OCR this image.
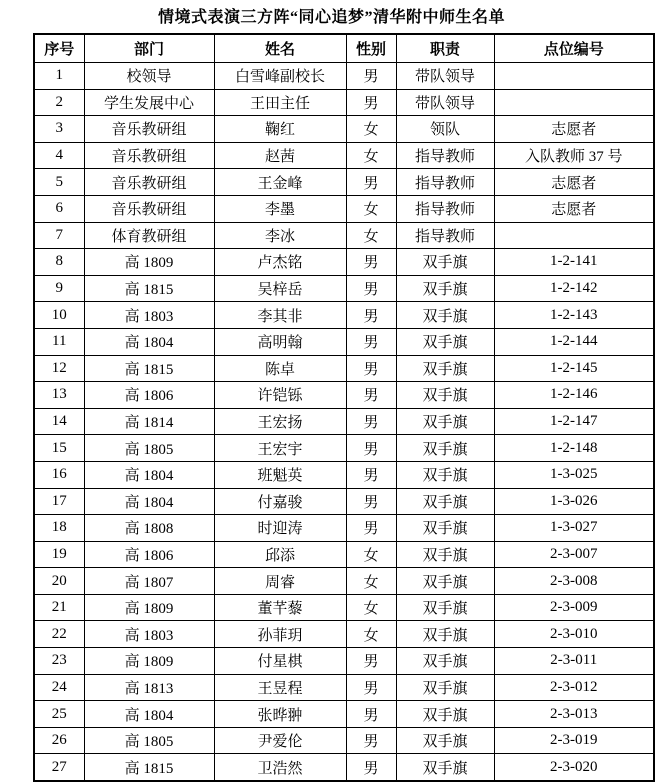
情境式表演三方阵“同心追梦”清华附中师生名单
序号	部门	姓名	性别	职责	点位编号
1	校领导	白雪峰副校长	男	带队领导	
2	学生发展中心	王田主任	男	带队领导	
3	音乐教研组	鞠红	女	领队	志愿者
4	音乐教研组	赵茜	女	指导教师	入队教师 37 号
5	音乐教研组	王金峰	男	指导教师	志愿者
6	音乐教研组	李墨	女	指导教师	志愿者
7	体育教研组	李冰	女	指导教师	
8	高 1809	卢杰铭	男	双手旗	1-2-141
9	高 1815	吴梓岳	男	双手旗	1-2-142
10	高 1803	李其非	男	双手旗	1-2-143
11	高 1804	高明翰	男	双手旗	1-2-144
12	高 1815	陈卓	男	双手旗	1-2-145
13	高 1806	许铠铄	男	双手旗	1-2-146
14	高 1814	王宏扬	男	双手旗	1-2-147
15	高 1805	王宏宇	男	双手旗	1-2-148
16	高 1804	班魁英	男	双手旗	1-3-025
17	高 1804	付嘉骏	男	双手旗	1-3-026
18	高 1808	时迎涛	男	双手旗	1-3-027
19	高 1806	邱添	女	双手旗	2-3-007
20	高 1807	周睿	女	双手旗	2-3-008
21	高 1809	董芊藜	女	双手旗	2-3-009
22	高 1803	孙菲玥	女	双手旗	2-3-010
23	高 1809	付星棋	男	双手旗	2-3-011
24	高 1813	王昱程	男	双手旗	2-3-012
25	高 1804	张晔翀	男	双手旗	2-3-013
26	高 1805	尹爱伦	男	双手旗	2-3-019
27	高 1815	卫浩然	男	双手旗	2-3-020
